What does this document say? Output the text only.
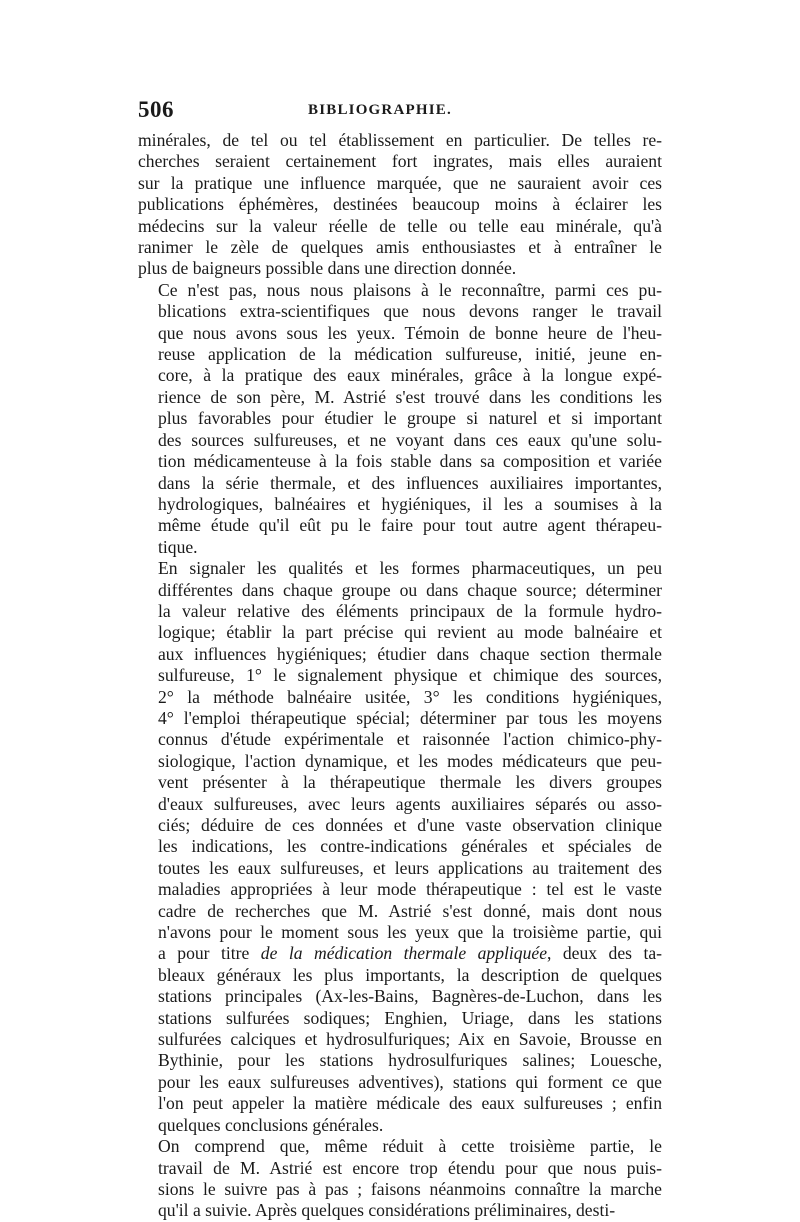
506	BIBLIOGRAPHIE.
minérales, de tel ou tel établissement en particulier. De telles re-
cherches seraient certainement fort ingrates, mais elles auraient
sur la pratique une influence marquée, que ne sauraient avoir ces
publications éphémères, destinées beaucoup moins à éclairer les
médecins sur la valeur réelle de telle ou telle eau minérale, qu'à
ranimer le zèle de quelques amis enthousiastes et à entraîner le
plus de baigneurs possible dans une direction donnée.
Ce n'est pas, nous nous plaisons à le reconnaître, parmi ces pu-
blications extra-scientifiques que nous devons ranger le travail
que nous avons sous les yeux. Témoin de bonne heure de l'heu-
reuse application de la médication sulfureuse, initié, jeune en-
core, à la pratique des eaux minérales, grâce à la longue expé-
rience de son père, M. Astrié s'est trouvé dans les conditions les
plus favorables pour étudier le groupe si naturel et si important
des sources sulfureuses, et ne voyant dans ces eaux qu'une solu-
tion médicamenteuse à la fois stable dans sa composition et variée
dans la série thermale, et des influences auxiliaires importantes,
hydrologiques, balnéaires et hygiéniques, il les a soumises à la
même étude qu'il eût pu le faire pour tout autre agent thérapeu-
tique.
En signaler les qualités et les formes pharmaceutiques, un peu
différentes dans chaque groupe ou dans chaque source; déterminer
la valeur relative des éléments principaux de la formule hydro-
logique; établir la part précise qui revient au mode balnéaire et
aux influences hygiéniques; étudier dans chaque section thermale
sulfureuse, 1° le signalement physique et chimique des sources,
2° la méthode balnéaire usitée, 3° les conditions hygiéniques,
4° l'emploi thérapeutique spécial; déterminer par tous les moyens
connus d'étude expérimentale et raisonnée l'action chimico-phy-
siologique, l'action dynamique, et les modes médicateurs que peu-
vent présenter à la thérapeutique thermale les divers groupes
d'eaux sulfureuses, avec leurs agents auxiliaires séparés ou asso-
ciés; déduire de ces données et d'une vaste observation clinique
les indications, les contre-indications générales et spéciales de
toutes les eaux sulfureuses, et leurs applications au traitement des
maladies appropriées à leur mode thérapeutique : tel est le vaste
cadre de recherches que M. Astrié s'est donné, mais dont nous
n'avons pour le moment sous les yeux que la troisième partie, qui
a pour titre de la médication thermale appliquée, deux des ta-
bleaux généraux les plus importants, la description de quelques
stations principales (Ax-les-Bains, Bagnères-de-Luchon, dans les
stations sulfurées sodiques; Enghien, Uriage, dans les stations
sulfurées calciques et hydrosulfuriques; Aix en Savoie, Brousse en
Bythinie, pour les stations hydrosulfuriques salines; Louesche,
pour les eaux sulfureuses adventives), stations qui forment ce que
l'on peut appeler la matière médicale des eaux sulfureuses ; enfin
quelques conclusions générales.
On comprend que, même réduit à cette troisième partie, le
travail de M. Astrié est encore trop étendu pour que nous puis-
sions le suivre pas à pas ; faisons néanmoins connaître la marche
qu'il a suivie. Après quelques considérations préliminaires, desti-
